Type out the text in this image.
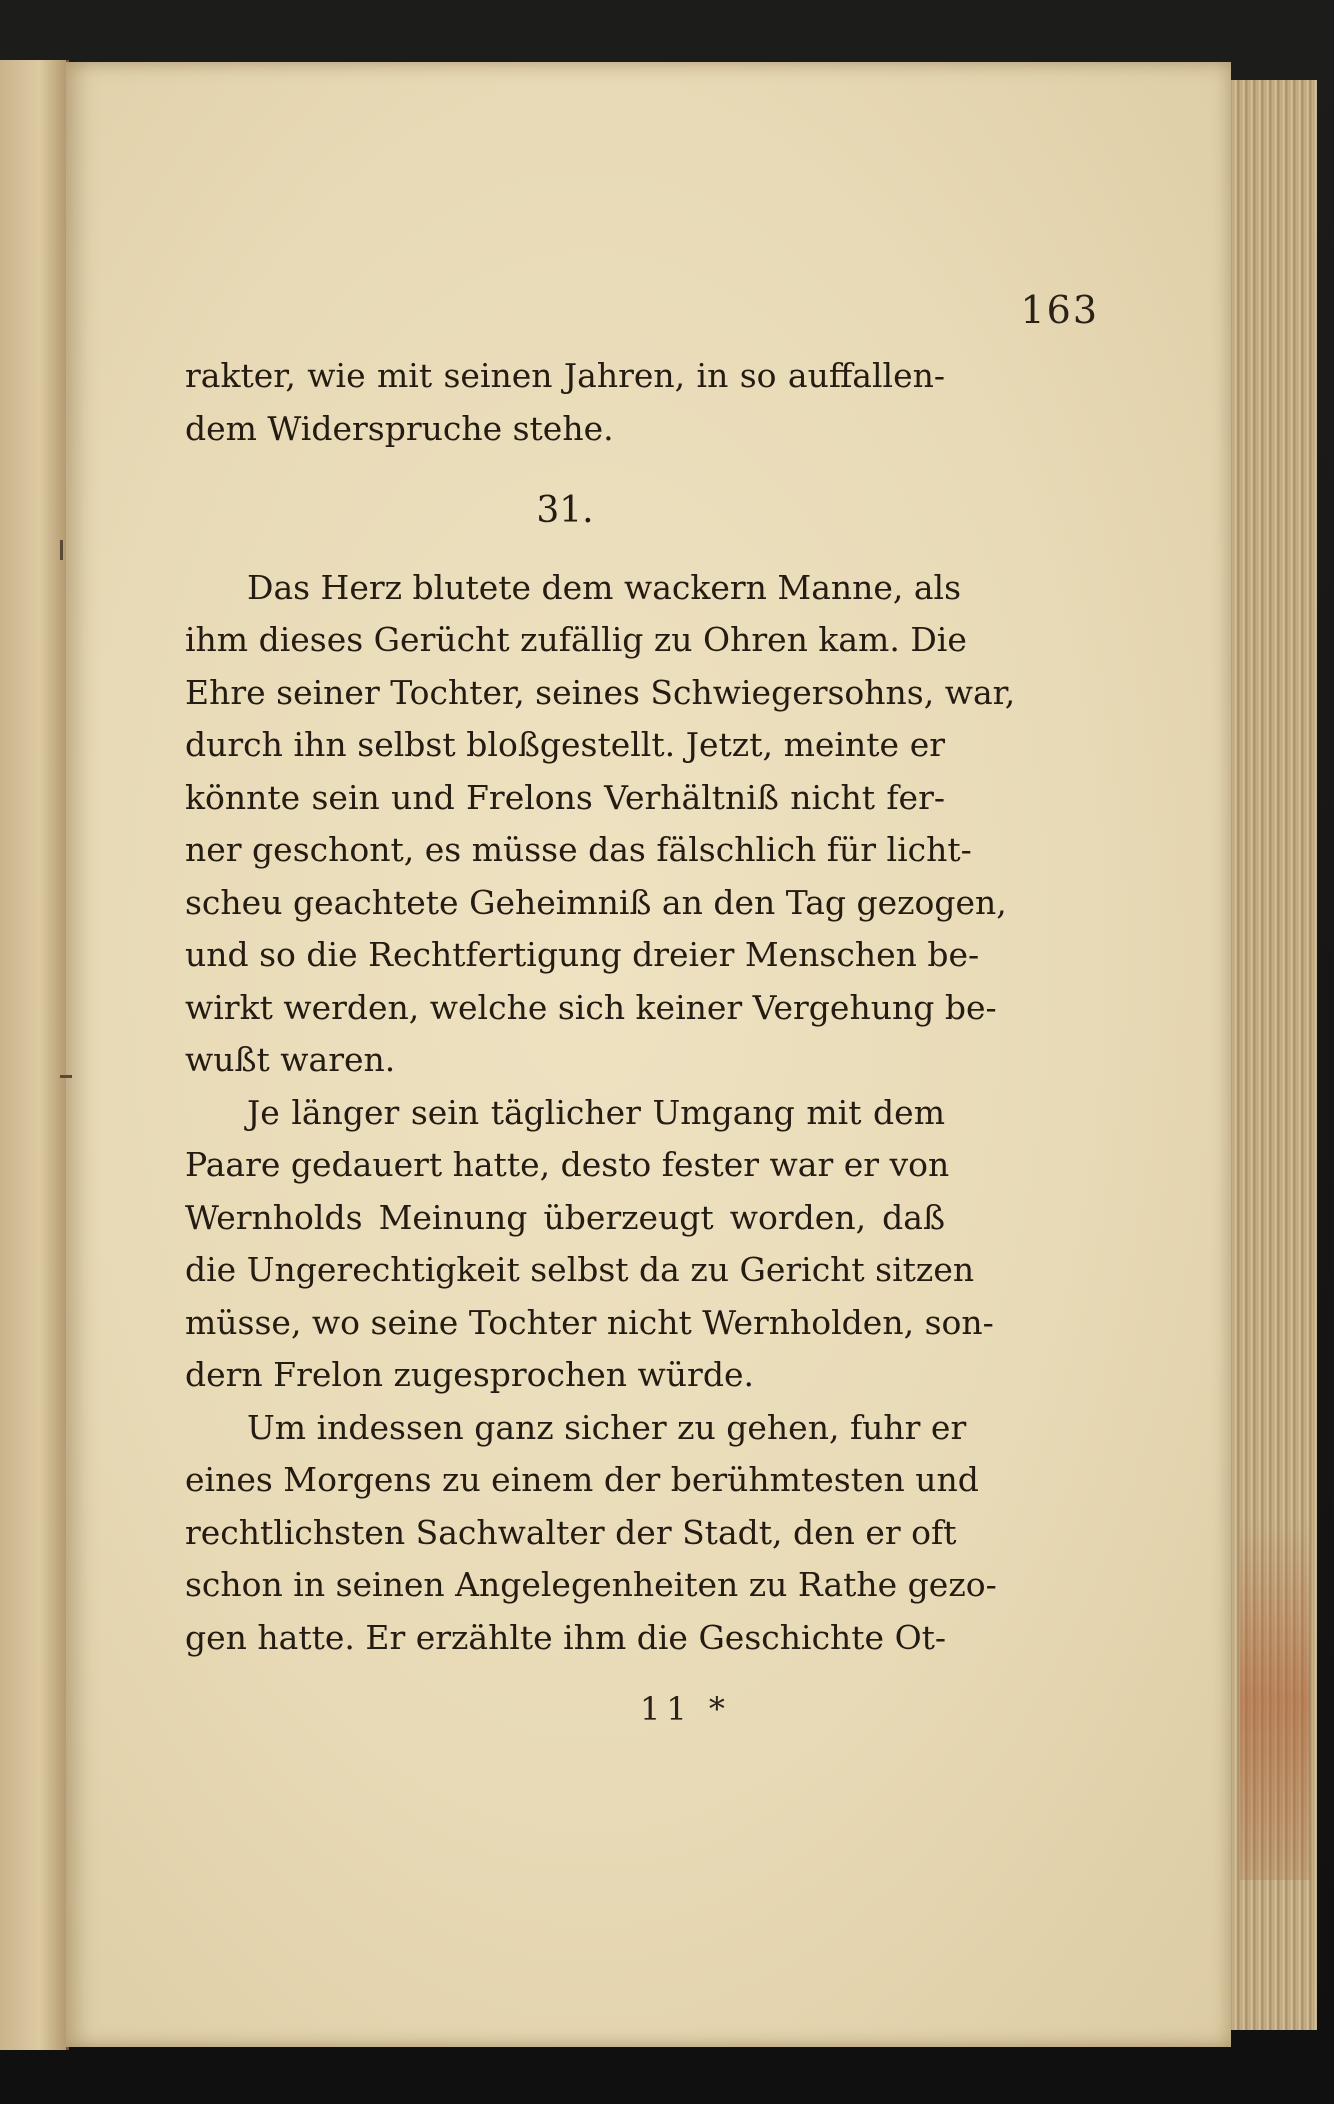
163
rakter, wie mit seinen Jahren, in so auffallen-
dem Widerspruche stehe.
31.
Das Herz blutete dem wackern Manne, als
ihm dieses Gerücht zufällig zu Ohren kam. Die
Ehre seiner Tochter, seines Schwiegersohns, war,
durch ihn selbst bloßgestellt. Jetzt, meinte er
könnte sein und Frelons Verhältniß nicht fer-
ner geschont, es müsse das fälschlich für licht-
scheu geachtete Geheimniß an den Tag gezogen,
und so die Rechtfertigung dreier Menschen be-
wirkt werden, welche sich keiner Vergehung be-
wußt waren.
Je länger sein täglicher Umgang mit dem
Paare gedauert hatte, desto fester war er von
Wernholds Meinung überzeugt worden, daß
die Ungerechtigkeit selbst da zu Gericht sitzen
müsse, wo seine Tochter nicht Wernholden, son-
dern Frelon zugesprochen würde.
Um indessen ganz sicher zu gehen, fuhr er
eines Morgens zu einem der berühmtesten und
rechtlichsten Sachwalter der Stadt, den er oft
schon in seinen Angelegenheiten zu Rathe gezo-
gen hatte. Er erzählte ihm die Geschichte Ot-
11 *
